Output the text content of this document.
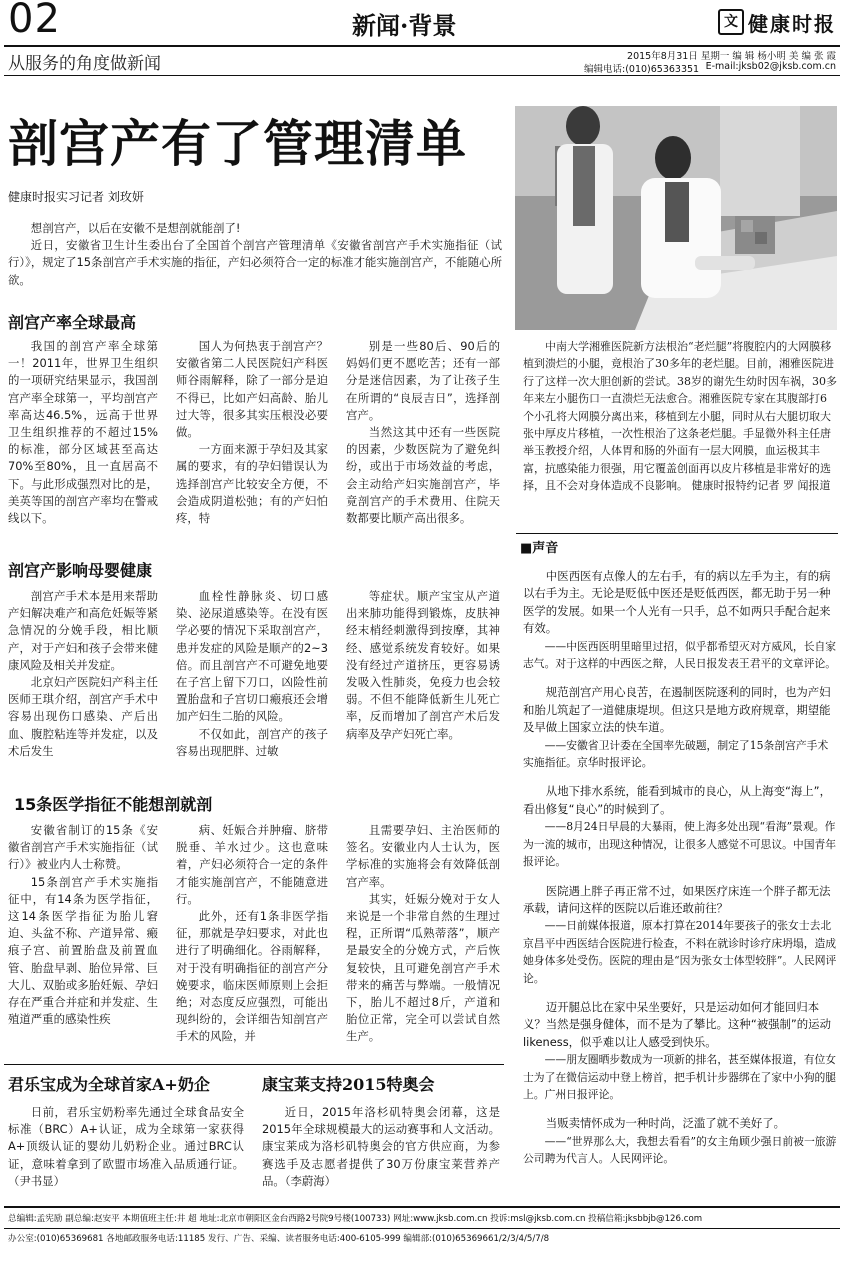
02	新闻·背景	文 健康时报
从服务的角度做新闻	2015年8月31日 星期一 编 辑 杨小明 美 编 张 霞
编辑电话:(010)65363351 E-mail:jksb02@jksb.com.cn
剖宫产有了管理清单
健康时报实习记者 刘玫妍

想剖宫产，以后在安徽不是想剖就能剖了!

近日，安徽省卫生计生委出台了全国首个剖宫产管理清单《安徽省剖宫产手术实施指征（试行）》，规定了15条剖宫产手术实施的指征，产妇必须符合一定的标准才能实施剖宫产，不能随心所欲。

剖宫产率全球最高

我国的剖宫产率全球第一！2011年，世界卫生组织的一项研究结果显示，我国剖宫产率全球第一，平均剖宫产率高达46.5%，远高于世界卫生组织推荐的不超过15%的标准，部分区域甚至高达70%至80%，且一直居高不下。与此形成强烈对比的是，美英等国的剖宫产率均在警戒线以下。

国人为何热衷于剖宫产？安徽省第二人民医院妇产科医师谷雨解释，除了一部分是迫不得已，比如产妇高龄、胎儿过大等，很多其实压根没必要做。

一方面来源于孕妇及其家属的要求，有的孕妇错误认为选择剖宫产比较安全方便，不会造成阴道松弛；有的产妇怕疼，特

别是一些80后、90后的妈妈们更不愿吃苦；还有一部分是迷信因素，为了让孩子生在所谓的“良辰吉日”，选择剖宫产。

当然这其中还有一些医院的因素，少数医院为了避免纠纷，或出于市场效益的考虑，会主动给产妇实施剖宫产，毕竟剖宫产的手术费用、住院天数都要比顺产高出很多。

剖宫产影响母婴健康

剖宫产手术本是用来帮助产妇解决难产和高危妊娠等紧急情况的分娩手段，相比顺产，对于产妇和孩子会带来健康风险及相关并发症。

北京妇产医院妇产科主任医师王琪介绍，剖宫产手术中容易出现伤口感染、产后出血、腹腔粘连等并发症，以及术后发生

血栓性静脉炎、切口感染、泌尿道感染等。在没有医学必要的情况下采取剖宫产，患并发症的风险是顺产的2~3倍。而且剖宫产不可避免地要在子宫上留下刀口，凶险性前置胎盘和子宫切口瘢痕还会增加产妇生二胎的风险。

不仅如此，剖宫产的孩子容易出现肥胖、过敏

等症状。顺产宝宝从产道出来肺功能得到锻炼，皮肤神经末梢经刺激得到按摩，其神经、感觉系统发育较好。如果没有经过产道挤压，更容易诱发吸入性肺炎，免疫力也会较弱。不但不能降低新生儿死亡率，反而增加了剖宫产术后发病率及孕产妇死亡率。

15条医学指征不能想剖就剖

安徽省制订的15条《安徽省剖宫产手术实施指征（试行）》被业内人士称赞。

15条剖宫产手术实施指征中，有14条为医学指征，这14条医学指征为胎儿窘迫、头盆不称、产道异常、瘢痕子宫、前置胎盘及前置血管、胎盘早剥、胎位异常、巨大儿、双胎或多胎妊娠、孕妇存在严重合并症和并发症、生殖道严重的感染性疾

病、妊娠合并肿瘤、脐带脱垂、羊水过少。这也意味着，产妇必须符合一定的条件才能实施剖宫产，不能随意进行。

此外，还有1条非医学指征，那就是孕妇要求，对此也进行了明确细化。谷雨解释，对于没有明确指征的剖宫产分娩要求，临床医师原则上会拒绝；对态度反应强烈，可能出现纠纷的，会详细告知剖宫产手术的风险，并

且需要孕妇、主治医师的签名。安徽业内人士认为，医学标准的实施将会有效降低剖宫产率。

其实，妊娠分娩对于女人来说是一个非常自然的生理过程，正所谓“瓜熟蒂落”，顺产是最安全的分娩方式，产后恢复较快，且可避免剖宫产手术带来的痛苦与弊端。一般情况下，胎儿不超过8斤，产道和胎位正常，完全可以尝试自然生产。

中南大学湘雅医院新方法根治“老烂腿”将腹腔内的大网膜移植到溃烂的小腿，竟根治了30多年的老烂腿。目前，湘雅医院进行了这样一次大胆创新的尝试。38岁的谢先生幼时因车祸，30多年来左小腿伤口一直溃烂无法愈合。湘雅医院专家在其腹部打6个小孔将大网膜分离出来，移植到左小腿，同时从右大腿切取大张中厚皮片移植，一次性根治了这条老烂腿。手显微外科主任唐举玉教授介绍，人体胃和肠的外面有一层大网膜，血运极其丰富，抗感染能力很强，用它覆盖创面再以皮片移植是非常好的选择，且不会对身体造成不良影响。 健康时报特约记者 罗 闻报道

■声音

中医西医有点像人的左右手，有的病以左手为主，有的病以右手为主。无论是贬低中医还是贬低西医，都无助于另一种医学的发展。如果一个人光有一只手，总不如两只手配合起来有效。

——中医西医明里暗里过招，似乎都希望灭对方威风，长自家志气。对于这样的中西医之辩，人民日报发表王君平的文章评论。

规范剖宫产用心良苦，在遏制医院逐利的同时，也为产妇和胎儿筑起了一道健康堤坝。但这只是地方政府规章，期望能及早做上国家立法的快车道。

——安徽省卫计委在全国率先破题，制定了15条剖宫产手术实施指征。京华时报评论。

从地下排水系统，能看到城市的良心，从上海变“海上”，看出修复“良心”的时候到了。

——8月24日早晨的大暴雨，使上海多处出现“看海”景观。作为一流的城市，出现这种情况，让很多人感觉不可思议。中国青年报评论。

医院遇上胖子再正常不过，如果医疗床连一个胖子都无法承载，请问这样的医院以后谁还敢前往？

——日前媒体报道，原本打算在2014年要孩子的张女士去北京昌平中西医结合医院进行检查，不料在就诊时诊疗床坍塌，造成她身体多处受伤。医院的理由是“因为张女士体型较胖”。人民网评论。

迈开腿总比在家中呆坐要好，只是运动如何才能回归本义？当然是强身健体，而不是为了攀比。这种“被强制”的运动likeness，似乎难以让人感受到快乐。

——朋友圈晒步数成为一项新的排名，甚至媒体报道，有位女士为了在微信运动中登上榜首，把手机计步器绑在了家中小狗的腿上。广州日报评论。

当贩卖情怀成为一种时尚，泛滥了就不美好了。

——“世界那么大，我想去看看”的女主角顾少强日前被一旅游公司聘为代言人。人民网评论。

君乐宝成为全球首家A+奶企

日前，君乐宝奶粉率先通过全球食品安全标准（BRC）A+认证，成为全球第一家获得A+顶级认证的婴幼儿奶粉企业。通过BRC认证，意味着拿到了欧盟市场准入品质通行证。（尹书显）

康宝莱支持2015特奥会

近日，2015年洛杉矶特奥会闭幕，这是2015年全球规模最大的运动赛事和人文活动。康宝莱成为洛杉矶特奥会的官方供应商，为参赛选手及志愿者提供了30万份康宝莱营养产品。（李蔚海）

总编辑:孟宪励 副总编:赵安平 本期值班主任:井 超 地址:北京市朝阳区金台西路2号院9号楼(100733) 网址:www.jksb.com.cn 投诉:msl@jksb.com.cn 投稿信箱:jksbbjb@126.com
办公室:(010)65369681 各地邮政服务电话:11185 发行、广告、采编、读者服务电话:400-6105-999 编辑部:(010)65369661/2/3/4/5/7/8
